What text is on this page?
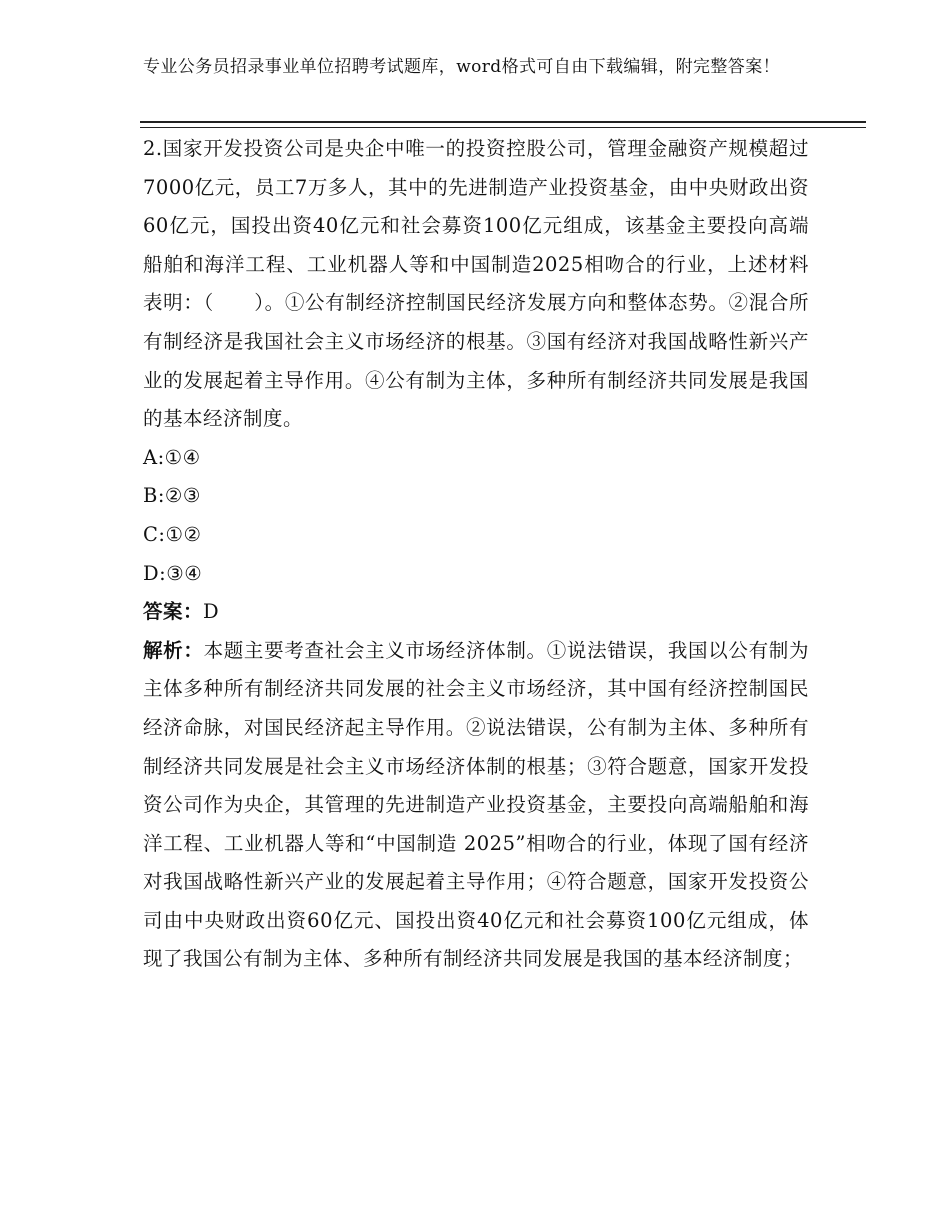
专业公务员招录事业单位招聘考试题库，word格式可自由下载编辑，附完整答案！

2.国家开发投资公司是央企中唯一的投资控股公司，管理金融资产规模超过7000亿元，员工7万多人，其中的先进制造产业投资基金，由中央财政出资60亿元，国投出资40亿元和社会募资100亿元组成，该基金主要投向高端船舶和海洋工程、工业机器人等和中国制造2025相吻合的行业，上述材料表明：（　　）。①公有制经济控制国民经济发展方向和整体态势。②混合所有制经济是我国社会主义市场经济的根基。③国有经济对我国战略性新兴产业的发展起着主导作用。④公有制为主体，多种所有制经济共同发展是我国的基本经济制度。

A: ①④
B: ②③
C: ①②
D: ③④

答案：D

解析：本题主要考查社会主义市场经济体制。①说法错误，我国以公有制为主体多种所有制经济共同发展的社会主义市场经济，其中国有经济控制国民经济命脉，对国民经济起主导作用。②说法错误，公有制为主体、多种所有制经济共同发展是社会主义市场经济体制的根基；③符合题意，国家开发投资公司作为央企，其管理的先进制造产业投资基金，主要投向高端船舶和海洋工程、工业机器人等和“中国制造 2025”相吻合的行业，体现了国有经济对我国战略性新兴产业的发展起着主导作用；④符合题意，国家开发投资公司由中央财政出资60亿元、国投出资40亿元和社会募资100亿元组成，体现了我国公有制为主体、多种所有制经济共同发展是我国的基本经济制度；
